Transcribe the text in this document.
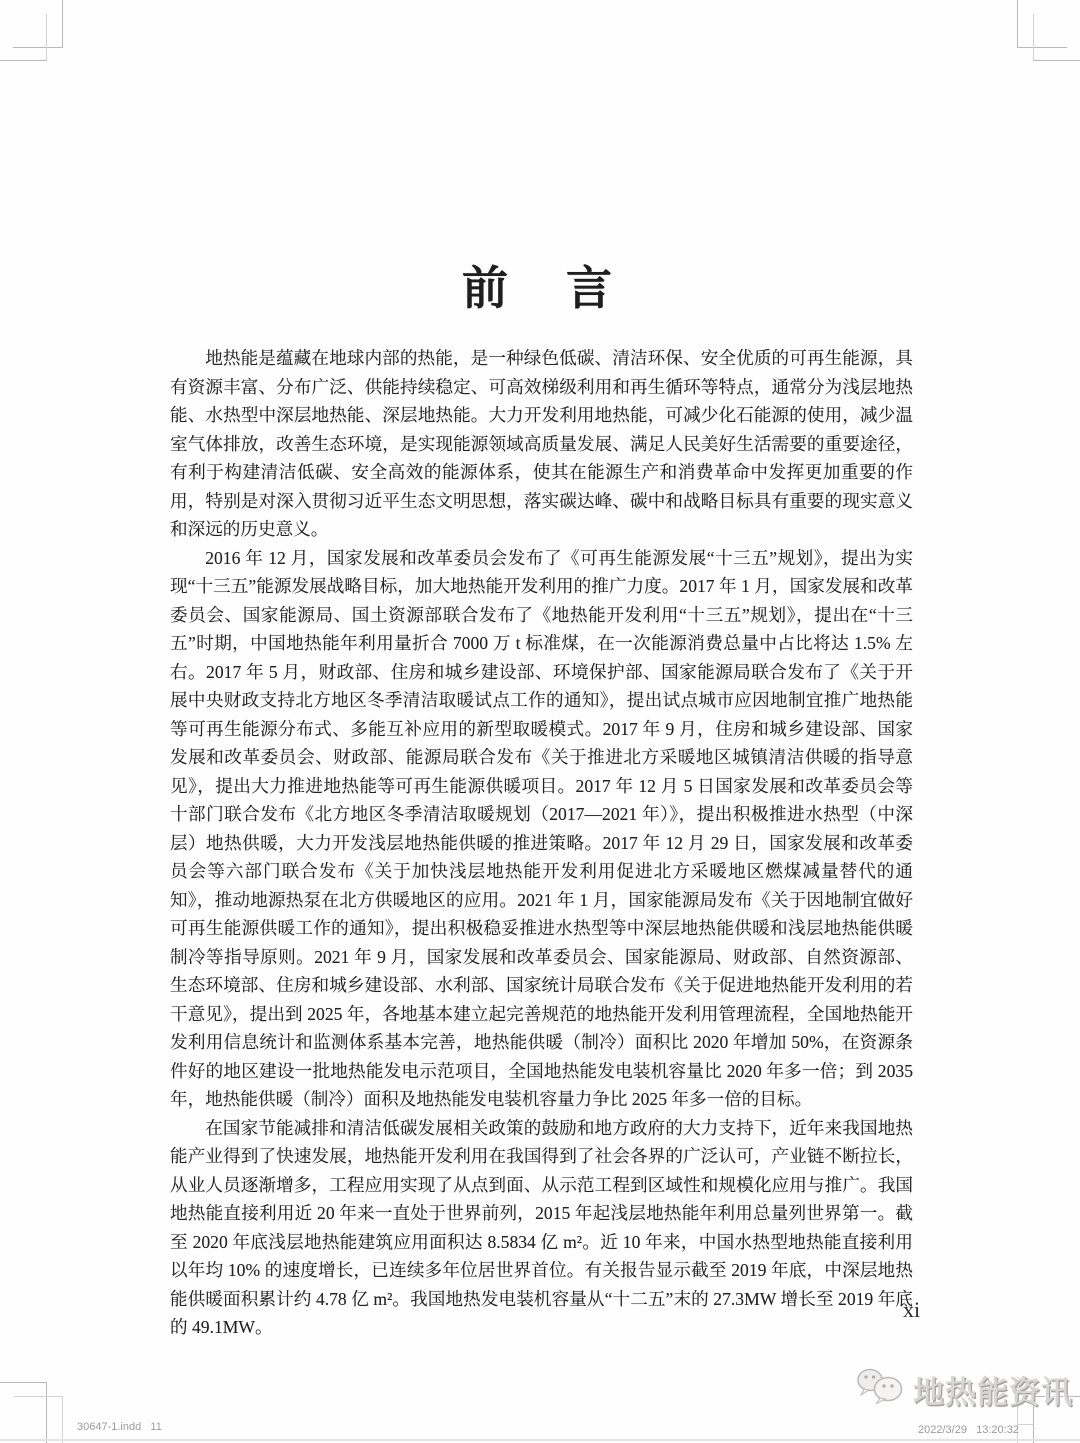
前　言

地热能是蕴藏在地球内部的热能，是一种绿色低碳、清洁环保、安全优质的可再生能源，具有资源丰富、分布广泛、供能持续稳定、可高效梯级利用和再生循环等特点，通常分为浅层地热能、水热型中深层地热能、深层地热能。大力开发利用地热能，可减少化石能源的使用，减少温室气体排放，改善生态环境，是实现能源领域高质量发展、满足人民美好生活需要的重要途径，有利于构建清洁低碳、安全高效的能源体系，使其在能源生产和消费革命中发挥更加重要的作用，特别是对深入贯彻习近平生态文明思想，落实碳达峰、碳中和战略目标具有重要的现实意义和深远的历史意义。

2016 年 12 月，国家发展和改革委员会发布了《可再生能源发展“十三五”规划》，提出为实现“十三五”能源发展战略目标，加大地热能开发利用的推广力度。2017 年 1 月，国家发展和改革委员会、国家能源局、国土资源部联合发布了《地热能开发利用“十三五”规划》，提出在“十三五”时期，中国地热能年利用量折合 7000 万 t 标准煤，在一次能源消费总量中占比将达 1.5% 左右。2017 年 5 月，财政部、住房和城乡建设部、环境保护部、国家能源局联合发布了《关于开展中央财政支持北方地区冬季清洁取暖试点工作的通知》，提出试点城市应因地制宜推广地热能等可再生能源分布式、多能互补应用的新型取暖模式。2017 年 9 月，住房和城乡建设部、国家发展和改革委员会、财政部、能源局联合发布《关于推进北方采暖地区城镇清洁供暖的指导意见》，提出大力推进地热能等可再生能源供暖项目。2017 年 12 月 5 日国家发展和改革委员会等十部门联合发布《北方地区冬季清洁取暖规划（2017—2021 年）》，提出积极推进水热型（中深层）地热供暖，大力开发浅层地热能供暖的推进策略。2017 年 12 月 29 日，国家发展和改革委员会等六部门联合发布《关于加快浅层地热能开发利用促进北方采暖地区燃煤减量替代的通知》，推动地源热泵在北方供暖地区的应用。2021 年 1 月，国家能源局发布《关于因地制宜做好可再生能源供暖工作的通知》，提出积极稳妥推进水热型等中深层地热能供暖和浅层地热能供暖制冷等指导原则。2021 年 9 月，国家发展和改革委员会、国家能源局、财政部、自然资源部、生态环境部、住房和城乡建设部、水利部、国家统计局联合发布《关于促进地热能开发利用的若干意见》，提出到 2025 年，各地基本建立起完善规范的地热能开发利用管理流程，全国地热能开发利用信息统计和监测体系基本完善，地热能供暖（制冷）面积比 2020 年增加 50%，在资源条件好的地区建设一批地热能发电示范项目，全国地热能发电装机容量比 2020 年多一倍；到 2035 年，地热能供暖（制冷）面积及地热能发电装机容量力争比 2025 年多一倍的目标。

在国家节能减排和清洁低碳发展相关政策的鼓励和地方政府的大力支持下，近年来我国地热能产业得到了快速发展，地热能开发利用在我国得到了社会各界的广泛认可，产业链不断拉长，从业人员逐渐增多，工程应用实现了从点到面、从示范工程到区域性和规模化应用与推广。我国地热能直接利用近 20 年来一直处于世界前列，2015 年起浅层地热能年利用总量列世界第一。截至 2020 年底浅层地热能建筑应用面积达 8.5834 亿 m²。近 10 年来，中国水热型地热能直接利用以年均 10% 的速度增长，已连续多年位居世界首位。有关报告显示截至 2019 年底，中深层地热能供暖面积累计约 4.78 亿 m²。我国地热发电装机容量从“十二五”末的 27.3MW 增长至 2019 年底的 49.1MW。

xi
30647-1.indd   11	2022/3/29   13:20:32
地热能资讯
